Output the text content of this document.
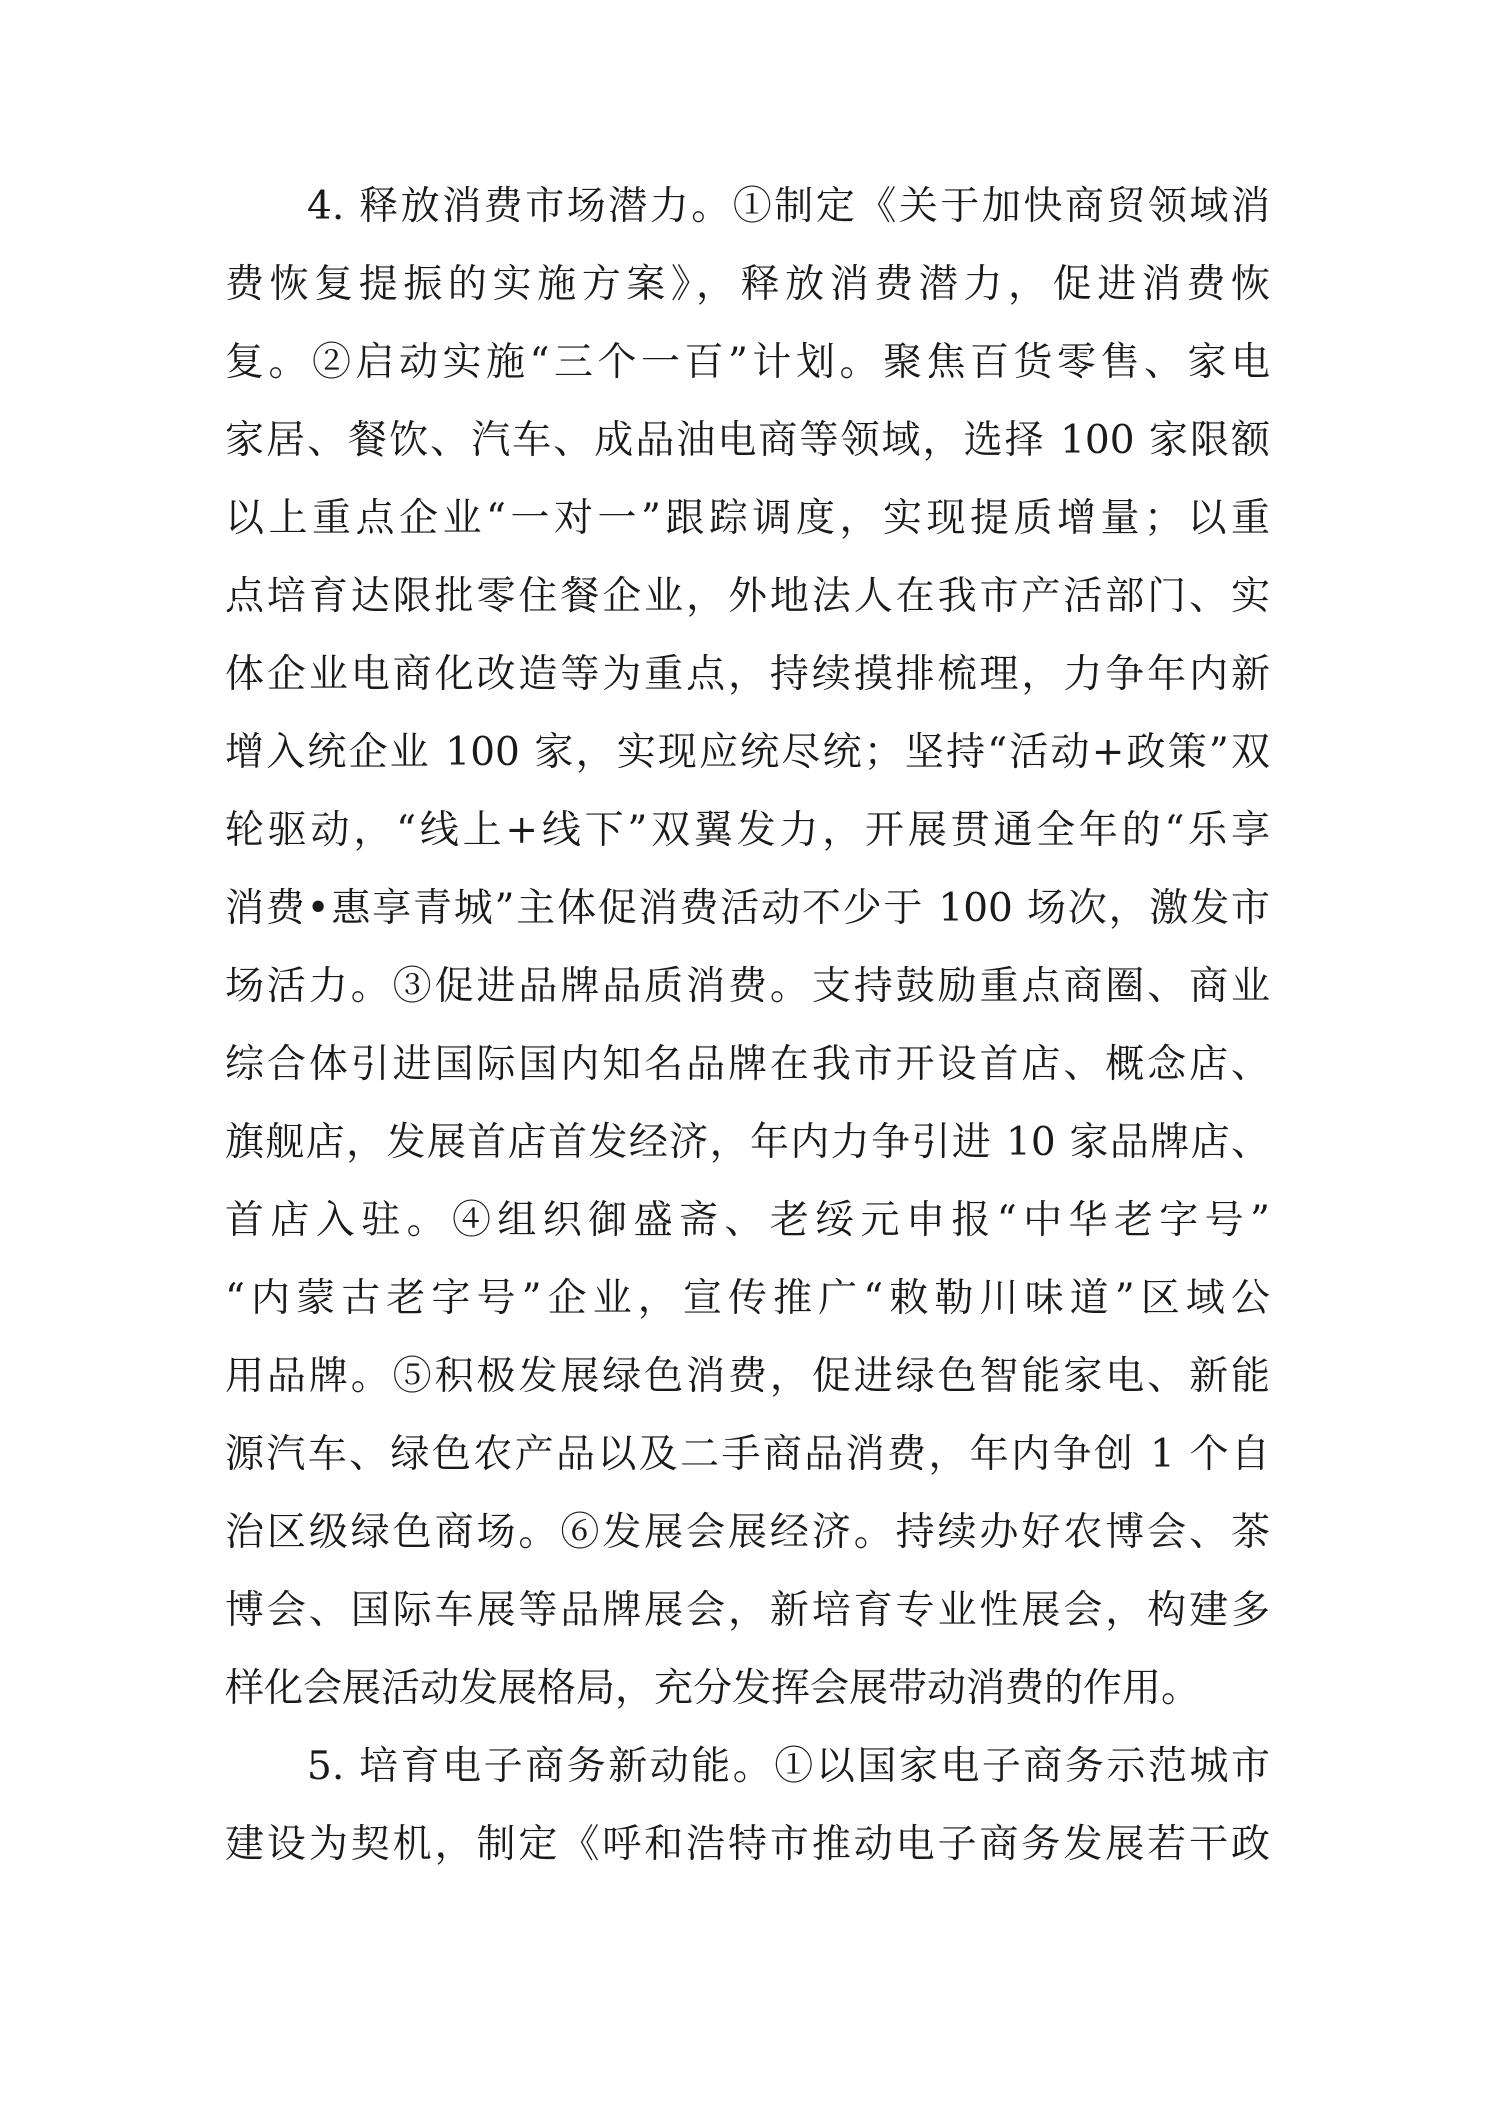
4. 释放消费市场潜力。①制定《关于加快商贸领域消
费恢复提振的实施方案》，释放消费潜力，促进消费恢
复。②启动实施“三个一百”计划。聚焦百货零售、家电
家居、餐饮、汽车、成品油电商等领域，选择 100 家限额
以上重点企业“一对一”跟踪调度，实现提质增量；以重
点培育达限批零住餐企业，外地法人在我市产活部门、实
体企业电商化改造等为重点，持续摸排梳理，力争年内新
增入统企业 100 家，实现应统尽统；坚持“活动+政策”双
轮驱动，“线上+线下”双翼发力，开展贯通全年的“乐享
消费•惠享青城”主体促消费活动不少于 100 场次，激发市
场活力。③促进品牌品质消费。支持鼓励重点商圈、商业
综合体引进国际国内知名品牌在我市开设首店、概念店、
旗舰店，发展首店首发经济，年内力争引进 10 家品牌店、
首店入驻。④组织御盛斋、老绥元申报“中华老字号”
“内蒙古老字号”企业，宣传推广“敕勒川味道”区域公
用品牌。⑤积极发展绿色消费，促进绿色智能家电、新能
源汽车、绿色农产品以及二手商品消费，年内争创 1 个自
治区级绿色商场。⑥发展会展经济。持续办好农博会、茶
博会、国际车展等品牌展会，新培育专业性展会，构建多
样化会展活动发展格局，充分发挥会展带动消费的作用。
5. 培育电子商务新动能。①以国家电子商务示范城市
建设为契机，制定《呼和浩特市推动电子商务发展若干政
